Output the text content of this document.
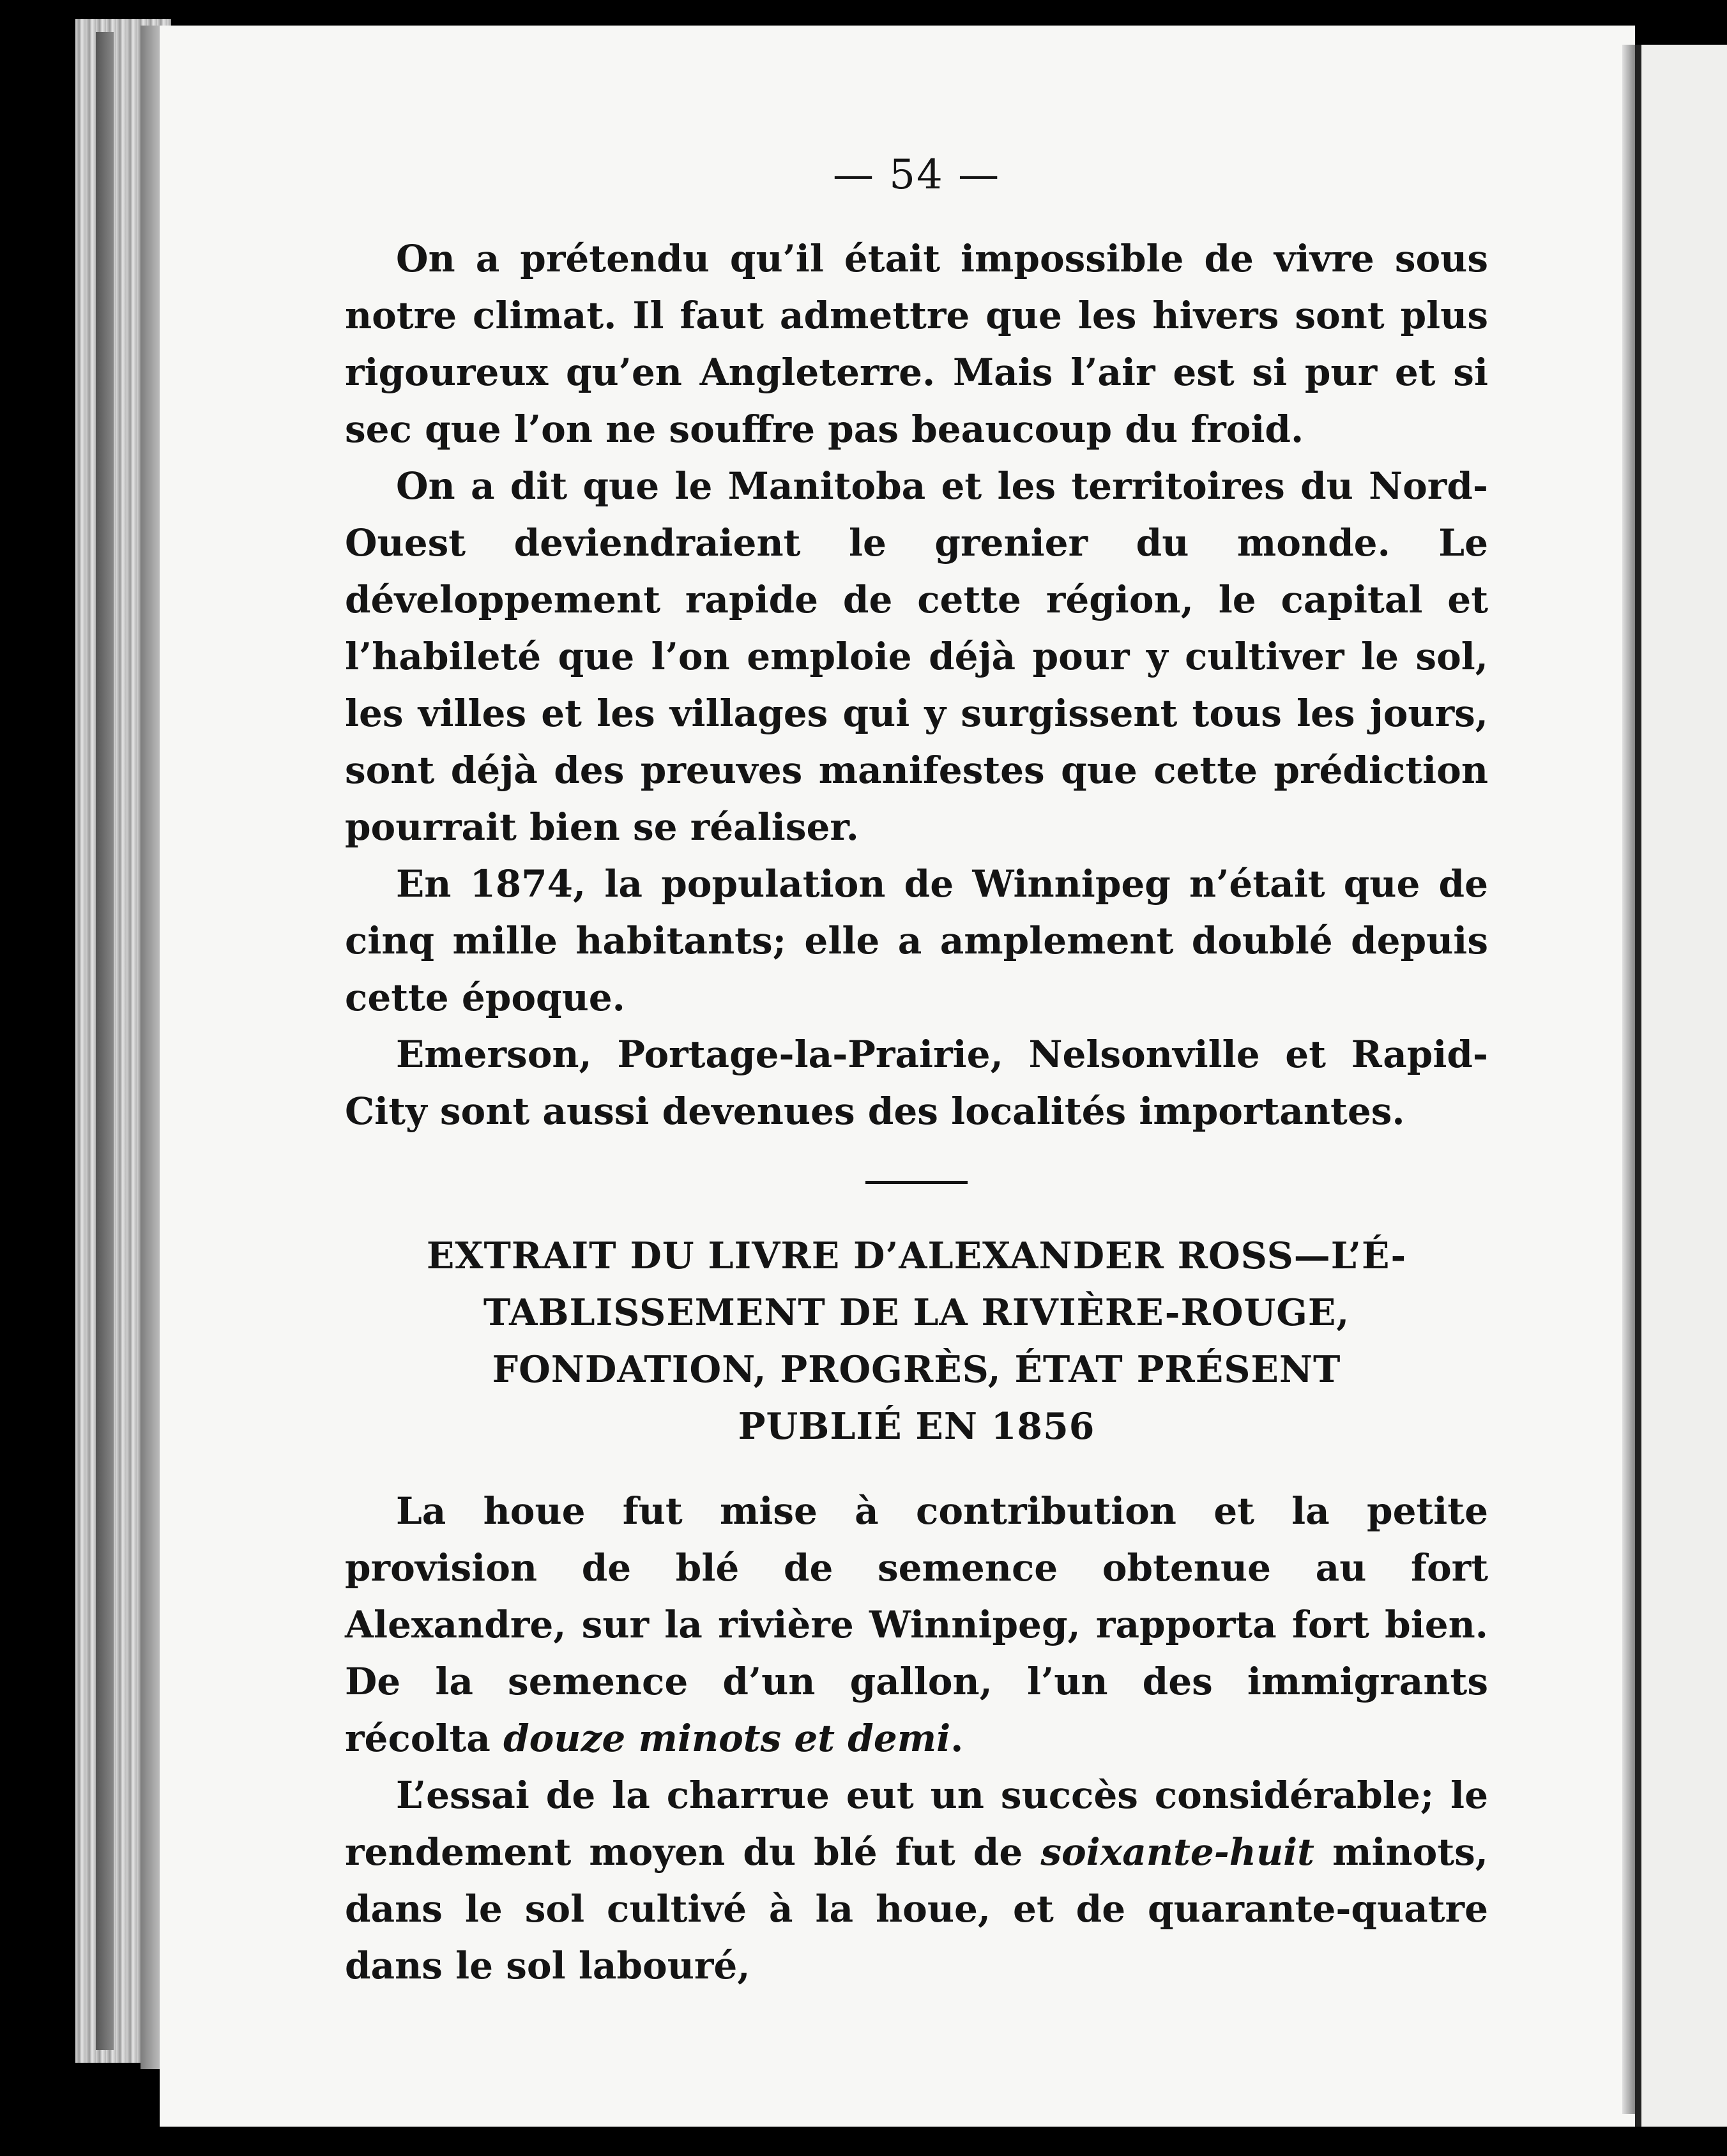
— 54 —

On a prétendu qu’il était impossible de vivre sous notre climat. Il faut admettre que les hivers sont plus rigoureux qu’en Angleterre. Mais l’air est si pur et si sec que l’on ne souffre pas beaucoup du froid.

On a dit que le Manitoba et les territoires du Nord-Ouest deviendraient le grenier du monde. Le développement rapide de cette région, le capital et l’habileté que l’on emploie déjà pour y cultiver le sol, les villes et les villages qui y surgissent tous les jours, sont déjà des preuves manifestes que cette prédiction pourrait bien se réaliser.

En 1874, la population de Winnipeg n’était que de cinq mille habitants; elle a amplement doublé depuis cette époque.

Emerson, Portage-la-Prairie, Nelsonville et Rapid-City sont aussi devenues des localités importantes.

EXTRAIT DU LIVRE D’ALEXANDER ROSS—L’É-
TABLISSEMENT DE LA RIVIÈRE-ROUGE,
FONDATION, PROGRÈS, ÉTAT PRÉSENT
PUBLIÉ EN 1856

La houe fut mise à contribution et la petite provision de blé de semence obtenue au fort Alexandre, sur la rivière Winnipeg, rapporta fort bien. De la semence d’un gallon, l’un des immigrants récolta douze minots et demi.

L’essai de la charrue eut un succès considérable; le rendement moyen du blé fut de soixante-huit minots, dans le sol cultivé à la houe, et de quarante-quatre dans le sol labouré,
